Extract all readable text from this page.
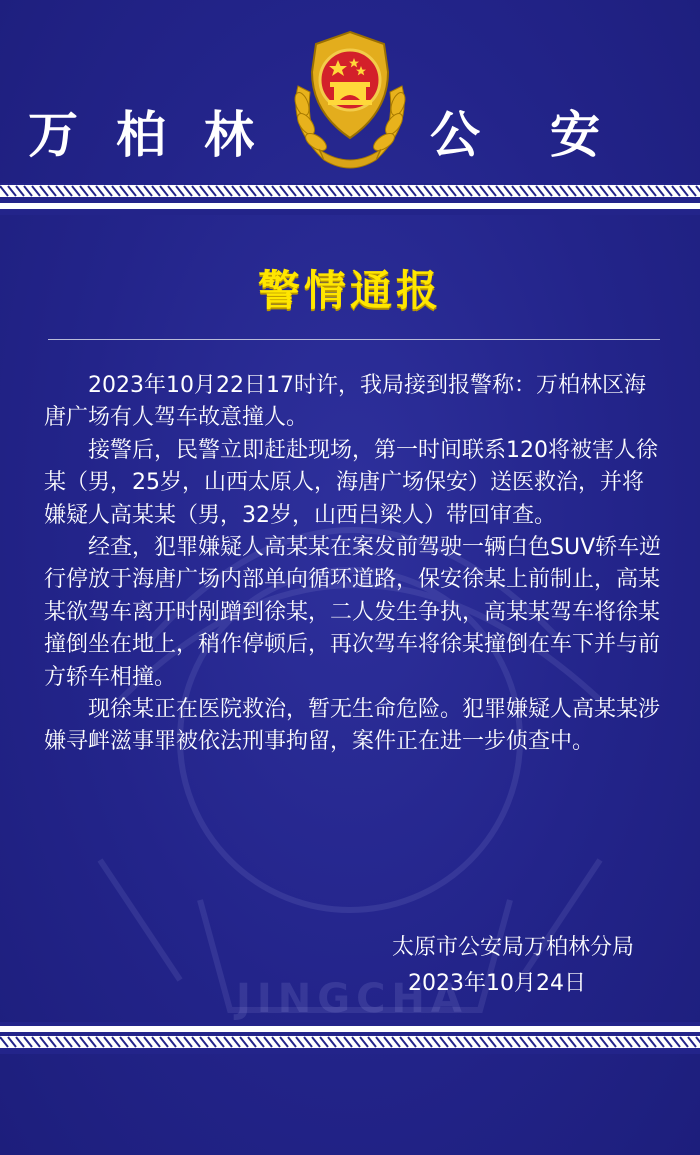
万柏林	公安
警情通报

2023年10月22日17时许，我局接到报警称：万柏林区海唐广场有人驾车故意撞人。

接警后，民警立即赶赴现场，第一时间联系120将被害人徐某（男，25岁，山西太原人，海唐广场保安）送医救治，并将嫌疑人高某某（男，32岁，山西吕梁人）带回审查。

经查，犯罪嫌疑人高某某在案发前驾驶一辆白色SUV轿车逆行停放于海唐广场内部单向循环道路，保安徐某上前制止，高某某欲驾车离开时剐蹭到徐某，二人发生争执，高某某驾车将徐某撞倒坐在地上，稍作停顿后，再次驾车将徐某撞倒在车下并与前方轿车相撞。

现徐某正在医院救治，暂无生命危险。犯罪嫌疑人高某某涉嫌寻衅滋事罪被依法刑事拘留，案件正在进一步侦查中。

太原市公安局万柏林分局
2023年10月24日
